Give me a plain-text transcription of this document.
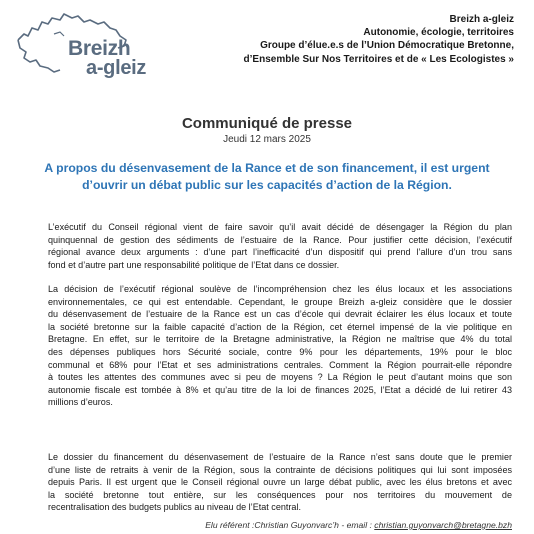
Breizh
a-gleiz
Breizh a-gleiz
Autonomie, écologie, territoires
Groupe d’élue.e.s de l’Union Démocratique Bretonne,
d’Ensemble Sur Nos Territoires et de « Les Ecologistes »
Communiqué de presse
Jeudi 12 mars 2025
A propos du désenvasement de la Rance et de son financement, il est urgent
d’ouvrir un débat public sur les capacités d’action de la Région.
L’exécutif du Conseil régional vient de faire savoir qu’il avait décidé de désengager la Région du plan
quinquennal de gestion des sédiments de l’estuaire de la Rance. Pour justifier cette décision, l’exécutif
régional avance deux arguments : d’une part l’inefficacité d’un dispositif qui prend l’allure d’un trou sans
fond et d’autre part une responsabilité politique de l’Etat dans ce dossier.
La décision de l’exécutif régional soulève de l’incompréhension chez les élus locaux et les associations
environnementales, ce qui est entendable. Cependant, le groupe Breizh a-gleiz considère que le dossier
du désenvasement de l’estuaire de la Rance est un cas d’école qui devrait éclairer les élus locaux et toute
la société bretonne sur la faible capacité d’action de la Région, cet éternel impensé de la vie politique en
Bretagne. En effet, sur le territoire de la Bretagne administrative, la Région ne maîtrise que 4% du total
des dépenses publiques hors Sécurité sociale, contre 9% pour les départements, 19% pour le bloc
communal et 68% pour l’Etat et ses administrations centrales. Comment la Région pourrait-elle répondre
à toutes les attentes des communes avec si peu de moyens ? La Région le peut d’autant moins que son
autonomie fiscale est tombée à 8% et qu’au titre de la loi de finances 2025, l’Etat a décidé de lui retirer 43
millions d’euros.
Le dossier du financement du désenvasement de l’estuaire de la Rance n’est sans doute que le premier
d’une liste de retraits à venir de la Région, sous la contrainte de décisions politiques qui lui sont imposées
depuis Paris. Il est urgent que le Conseil régional ouvre un large débat public, avec les élus bretons et avec
la société bretonne tout entière, sur les conséquences pour nos territoires du mouvement de
recentralisation des budgets publics au niveau de l’Etat central.
Elu référent :Christian Guyonvarc’h - email : christian.guyonvarch@bretagne.bzh
